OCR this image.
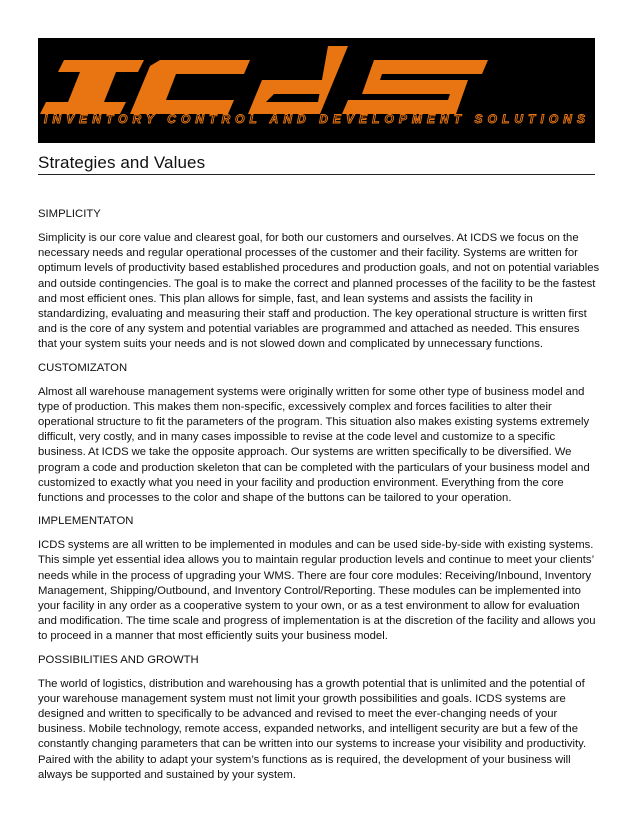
INVENTORY CONTROL AND DEVELOPMENT SOLUTIONS
Strategies and Values

SIMPLICITY

Simplicity is our core value and clearest goal, for both our customers and ourselves. At ICDS we focus on the necessary needs and regular operational processes of the customer and their facility. Systems are written for optimum levels of productivity based established procedures and production goals, and not on potential variables and outside contingencies. The goal is to make the correct and planned processes of the facility to be the fastest and most efficient ones. This plan allows for simple, fast, and lean systems and assists the facility in standardizing, evaluating and measuring their staff and production. The key operational structure is written first and is the core of any system and potential variables are programmed and attached as needed. This ensures that your system suits your needs and is not slowed down and complicated by unnecessary functions.

CUSTOMIZATON

Almost all warehouse management systems were originally written for some other type of business model and type of production. This makes them non-specific, excessively complex and forces facilities to alter their operational structure to fit the parameters of the program. This situation also makes existing systems extremely difficult, very costly, and in many cases impossible to revise at the code level and customize to a specific business. At ICDS we take the opposite approach. Our systems are written specifically to be diversified. We program a code and production skeleton that can be completed with the particulars of your business model and customized to exactly what you need in your facility and production environment. Everything from the core functions and processes to the color and shape of the buttons can be tailored to your operation.

IMPLEMENTATON

ICDS systems are all written to be implemented in modules and can be used side-by-side with existing systems. This simple yet essential idea allows you to maintain regular production levels and continue to meet your clients’ needs while in the process of upgrading your WMS. There are four core modules: Receiving/Inbound, Inventory Management, Shipping/Outbound, and Inventory Control/Reporting. These modules can be implemented into your facility in any order as a cooperative system to your own, or as a test environment to allow for evaluation and modification. The time scale and progress of implementation is at the discretion of the facility and allows you to proceed in a manner that most efficiently suits your business model.

POSSIBILITIES AND GROWTH

The world of logistics, distribution and warehousing has a growth potential that is unlimited and the potential of your warehouse management system must not limit your growth possibilities and goals. ICDS systems are designed and written to specifically to be advanced and revised to meet the ever-changing needs of your business. Mobile technology, remote access, expanded networks, and intelligent security are but a few of the constantly changing parameters that can be written into our systems to increase your visibility and productivity. Paired with the ability to adapt your system’s functions as is required, the development of your business will always be supported and sustained by your system.
